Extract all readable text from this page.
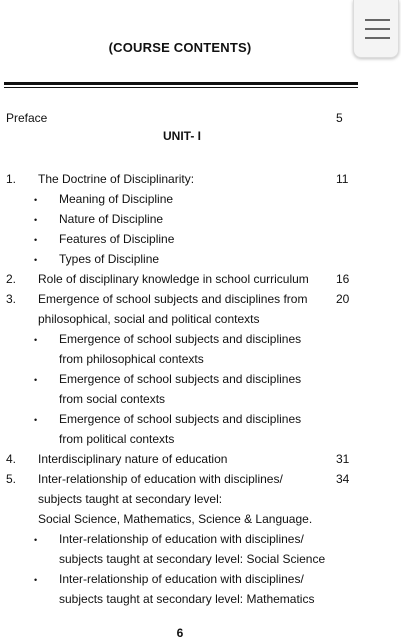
(COURSE CONTENTS)
Preface	5
UNIT- I
1. The Doctrine of Disciplinarity:	11
• Meaning of Discipline
• Nature of Discipline
• Features of Discipline
• Types of Discipline
2. Role of disciplinary knowledge in school curriculum 16
3. Emergence of school subjects and disciplines from 20
philosophical, social and political contexts
• Emergence of school subjects and disciplines
from philosophical contexts
• Emergence of school subjects and disciplines
from social contexts
• Emergence of school subjects and disciplines
from political contexts
4. Interdisciplinary nature of education	31
5. Inter-relationship of education with disciplines/	34
subjects taught at secondary level:
Social Science, Mathematics, Science & Language.
• Inter-relationship of education with disciplines/
subjects taught at secondary level: Social Science
• Inter-relationship of education with disciplines/
subjects taught at secondary level: Mathematics
6
